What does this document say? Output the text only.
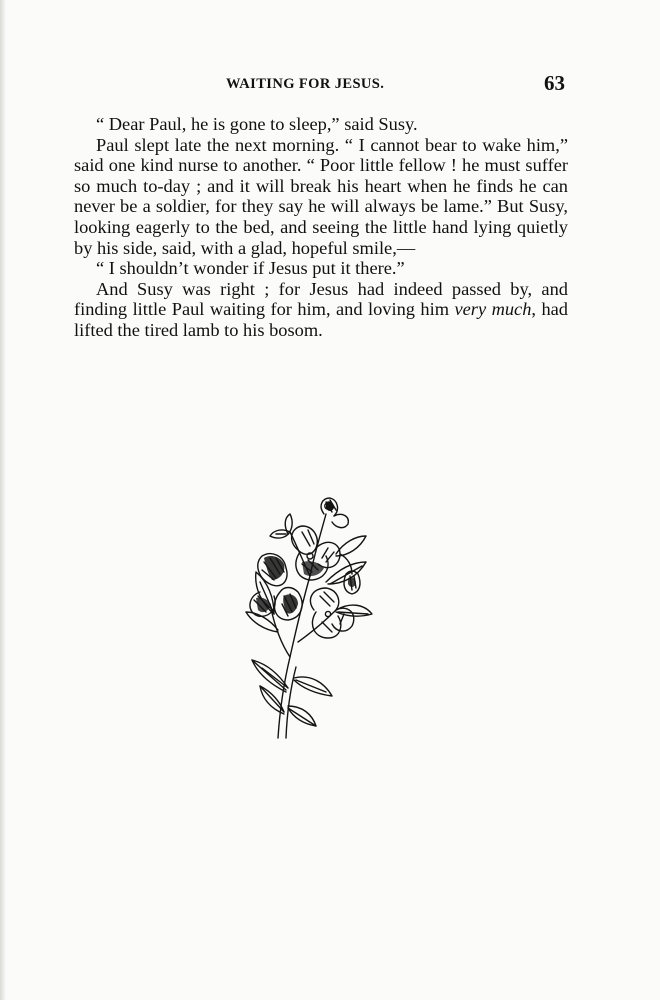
WAITING FOR JESUS.	63

“ Dear Paul, he is gone to sleep,” said Susy.

Paul slept late the next morning. “ I cannot bear to wake him,” said one kind nurse to another. “ Poor little fellow ! he must suffer so much to-day ; and it will break his heart when he finds he can never be a soldier, for they say he will always be lame.” But Susy, looking eagerly to the bed, and seeing the little hand lying quietly by his side, said, with a glad, hopeful smile,—

“ I shouldn’t wonder if Jesus put it there.”

And Susy was right ; for Jesus had indeed passed by, and finding little Paul waiting for him, and loving him very much, had lifted the tired lamb to his bosom.
